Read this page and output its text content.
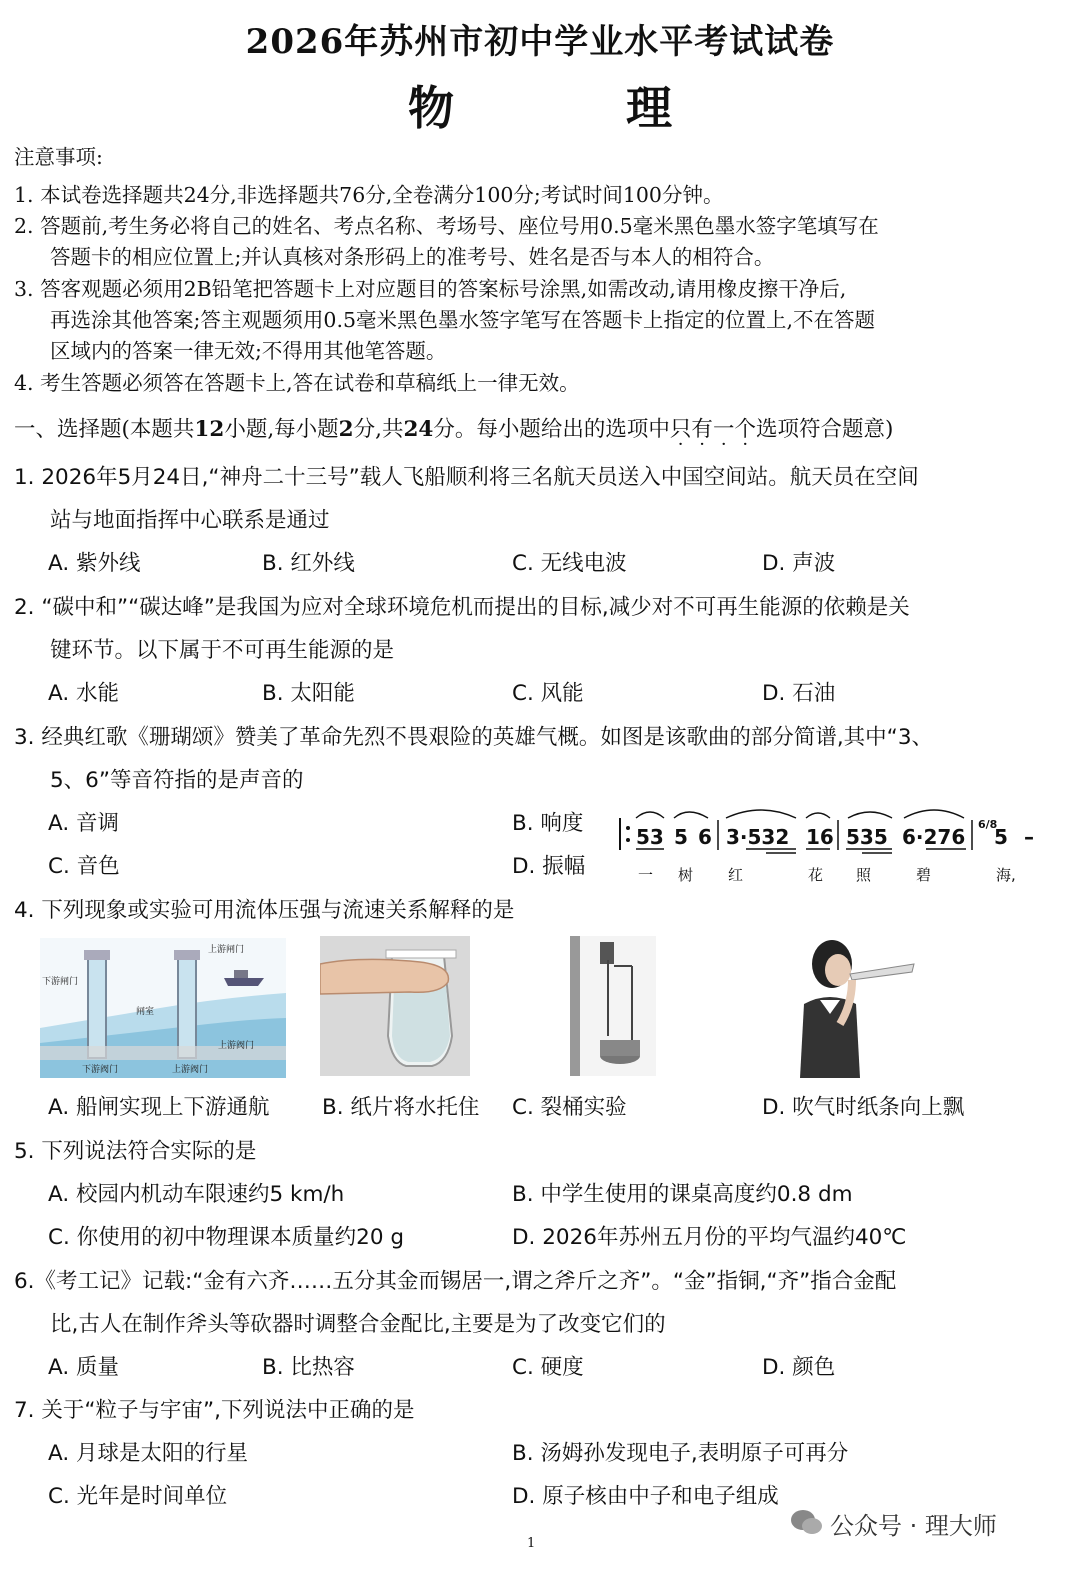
2026年苏州市初中学业水平考试试卷
物 理
注意事项:
1. 本试卷选择题共24分,非选择题共76分,全卷满分100分;考试时间100分钟。
2. 答题前,考生务必将自己的姓名、考点名称、考场号、座位号用0.5毫米黑色墨水签字笔填写在
答题卡的相应位置上;并认真核对条形码上的准考号、姓名是否与本人的相符合。
3. 答客观题必须用2B铅笔把答题卡上对应题目的答案标号涂黑,如需改动,请用橡皮擦干净后,
再选涂其他答案;答主观题须用0.5毫米黑色墨水签字笔写在答题卡上指定的位置上,不在答题
区域内的答案一律无效;不得用其他笔答题。
4. 考生答题必须答在答题卡上,答在试卷和草稿纸上一律无效。
一、选择题(本题共12小题,每小题2分,共24分。每小题给出的选项中只有一个选项符合题意)
1. 2026年5月24日,“神舟二十三号”载人飞船顺利将三名航天员送入中国空间站。航天员在空间
站与地面指挥中心联系是通过
A. 紫外线	B. 红外线	C. 无线电波	D. 声波
2. “碳中和”“碳达峰”是我国为应对全球环境危机而提出的目标,减少对不可再生能源的依赖是关
键环节。以下属于不可再生能源的是
A. 水能	B. 太阳能	C. 风能	D. 石油
3. 经典红歌《珊瑚颂》赞美了革命先烈不畏艰险的英雄气概。如图是该歌曲的部分简谱,其中“3、
5、6”等音符指的是声音的
A. 音调	B. 响度
C. 音色	D. 振幅
53 5 6 3·532 16 535 6·276
6/8
5 –
一 树 红	花 照	碧	海,
4. 下列现象或实验可用流体压强与流速关系解释的是
上游闸门
下游闸门
闸室
下游阀门	上游阀门
上游阀门
A. 船闸实现上下游通航 B. 纸片将水托住 C. 裂桶实验	D. 吹气时纸条向上飘
5. 下列说法符合实际的是
A. 校园内机动车限速约5 km/h	B. 中学生使用的课桌高度约0.8 dm
C. 你使用的初中物理课本质量约20 g	D. 2026年苏州五月份的平均气温约40℃
6.《考工记》记载:“金有六齐……五分其金而锡居一,谓之斧斤之齐”。“金”指铜,“齐”指合金配
比,古人在制作斧头等砍器时调整合金配比,主要是为了改变它们的
A. 质量	B. 比热容	C. 硬度	D. 颜色
7. 关于“粒子与宇宙”,下列说法中正确的是
A. 月球是太阳的行星	B. 汤姆孙发现电子,表明原子可再分
C. 光年是时间单位	D. 原子核由中子和电子组成
公众号 · 理大师
1
